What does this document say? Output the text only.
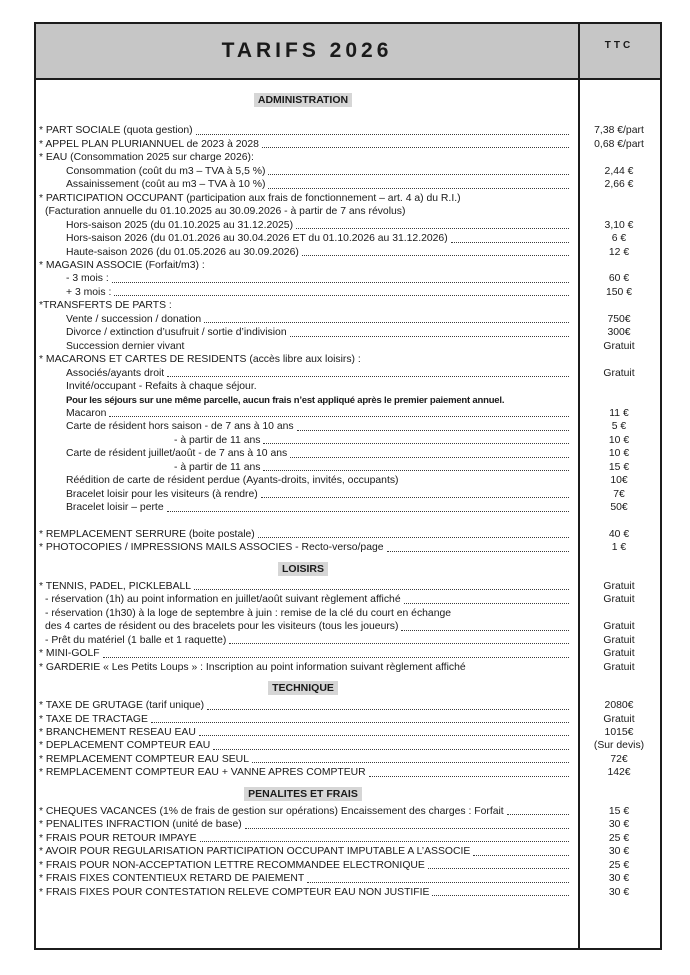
TARIFS 2026	TTC
ADMINISTRATION
* PART SOCIALE (quota gestion)	7,38 €/part
* APPEL PLAN PLURIANNUEL de 2023 à 2028	0,68 €/part
* EAU (Consommation 2025 sur charge 2026):
Consommation (coût du m3 – TVA à 5,5 %)	2,44 €
Assainissement (coût au m3 – TVA à 10 %)	2,66 €
* PARTICIPATION OCCUPANT (participation aux frais de fonctionnement – art. 4 a) du R.I.)
(Facturation annuelle du 01.10.2025 au 30.09.2026 - à partir de 7 ans révolus)
Hors-saison 2025 (du 01.10.2025 au 31.12.2025)	3,10 €
Hors-saison 2026 (du 01.01.2026 au 30.04.2026 ET du 01.10.2026 au 31.12.2026)	6 €
Haute-saison 2026 (du 01.05.2026 au 30.09.2026)	12 €
* MAGASIN ASSOCIE (Forfait/m3) :
- 3 mois :	60 €
+ 3 mois :	150 €
*TRANSFERTS DE PARTS :
Vente / succession / donation	750€
Divorce / extinction d’usufruit / sortie d’indivision	300€
Succession dernier vivant	Gratuit
* MACARONS ET CARTES DE RESIDENTS (accès libre aux loisirs) :
Associés/ayants droit	Gratuit
Invité/occupant - Refaits à chaque séjour.
Pour les séjours sur une même parcelle, aucun frais n’est appliqué après le premier paiement annuel.
Macaron	11 €
Carte de résident hors saison - de 7 ans à 10 ans	5 €
- à partir de 11 ans	10 €
Carte de résident juillet/août - de 7 ans à 10 ans	10 €
- à partir de 11 ans	15 €
Réédition de carte de résident perdue (Ayants-droits, invités, occupants)	10€
Bracelet loisir pour les visiteurs (à rendre)	7€
Bracelet loisir – perte	50€
* REMPLACEMENT SERRURE (boite postale)	40 €
* PHOTOCOPIES / IMPRESSIONS MAILS ASSOCIES - Recto-verso/page	1 €
LOISIRS
* TENNIS, PADEL, PICKLEBALL	Gratuit
- réservation (1h) au point information en juillet/août suivant règlement affiché	Gratuit
- réservation (1h30) à la loge de septembre à juin : remise de la clé du court en échange
des 4 cartes de résident ou des bracelets pour les visiteurs (tous les joueurs)	Gratuit
- Prêt du matériel (1 balle et 1 raquette)	Gratuit
* MINI-GOLF	Gratuit
* GARDERIE « Les Petits Loups » : Inscription au point information suivant règlement affiché	Gratuit
TECHNIQUE
* TAXE DE GRUTAGE (tarif unique)	2080€
* TAXE DE TRACTAGE	Gratuit
* BRANCHEMENT RESEAU EAU	1015€
* DEPLACEMENT COMPTEUR EAU	(Sur devis)
* REMPLACEMENT COMPTEUR EAU SEUL	72€
* REMPLACEMENT COMPTEUR EAU + VANNE APRES COMPTEUR	142€
PENALITES ET FRAIS
* CHEQUES VACANCES (1% de frais de gestion sur opérations) Encaissement des charges : Forfait	15 €
* PENALITES INFRACTION (unité de base)	30 €
* FRAIS POUR RETOUR IMPAYE	25 €
* AVOIR POUR REGULARISATION PARTICIPATION OCCUPANT IMPUTABLE A L’ASSOCIE	30 €
* FRAIS POUR NON-ACCEPTATION LETTRE RECOMMANDEE ELECTRONIQUE	25 €
* FRAIS FIXES CONTENTIEUX RETARD DE PAIEMENT	30 €
* FRAIS FIXES POUR CONTESTATION RELEVE COMPTEUR EAU NON JUSTIFIE	30 €
